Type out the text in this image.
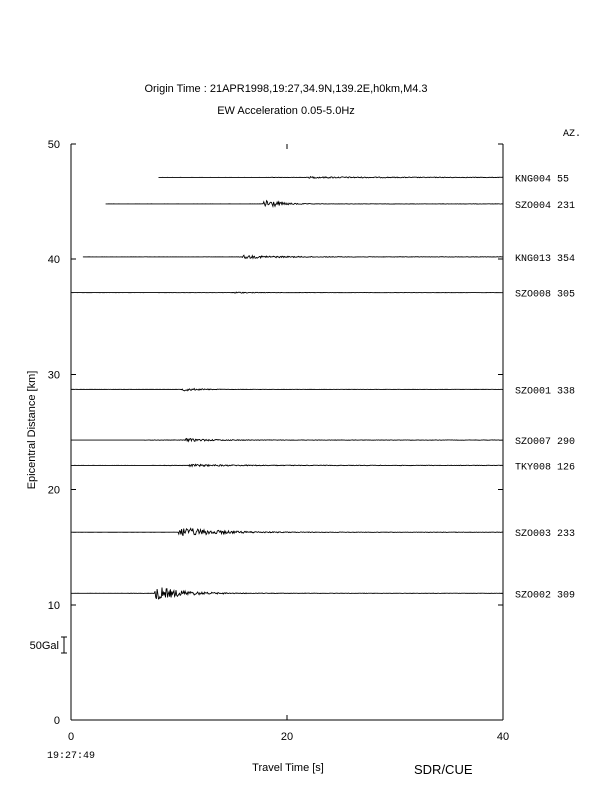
Origin Time : 21APR1998,19:27,34.9N,139.2E,h0km,M4.3
EW Acceleration 0.05-5.0Hz
AZ.
0
10
20
30
40
50
0	20	40
KNG004 55
SZO004 231
KNG013 354
SZO008 305
SZO001 338
SZO007 290
TKY008 126
SZO003 233
SZO002 309
Epicentral Distance [km]
Travel Time [s]
19:27:49
SDR/CUE
50Gal
